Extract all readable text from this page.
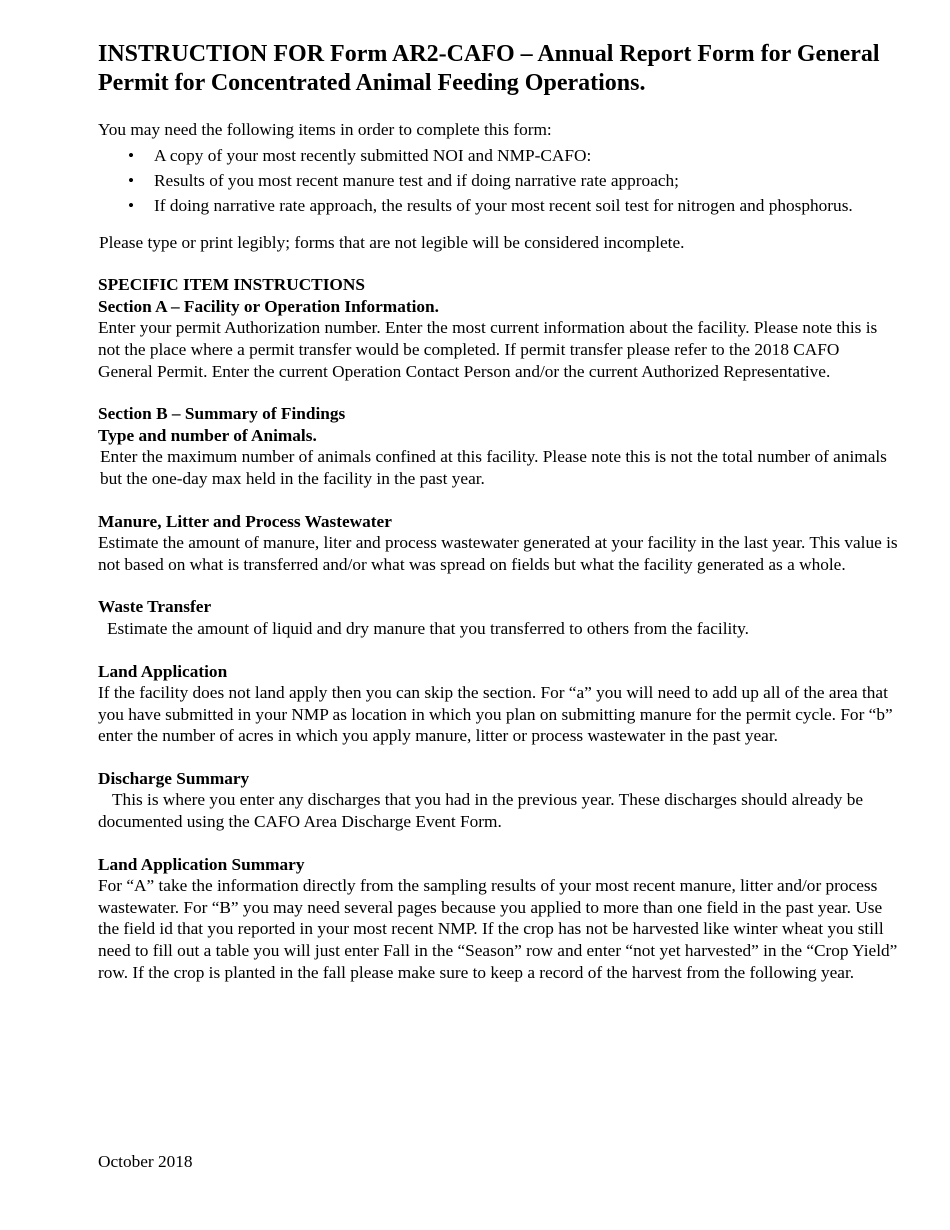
INSTRUCTION FOR Form AR2-CAFO – Annual Report Form for General Permit for Concentrated Animal Feeding Operations.

You may need the following items in order to complete this form:

• A copy of your most recently submitted NOI and NMP-CAFO:
• Results of you most recent manure test and if doing narrative rate approach;
• If doing narrative rate approach, the results of your most recent soil test for nitrogen and phosphorus.

Please type or print legibly; forms that are not legible will be considered incomplete.

SPECIFIC ITEM INSTRUCTIONS
Section A – Facility or Operation Information.

Enter your permit Authorization number. Enter the most current information about the facility. Please note this is not the place where a permit transfer would be completed. If permit transfer please refer to the 2018 CAFO General Permit. Enter the current Operation Contact Person and/or the current Authorized Representative.

Section B – Summary of Findings
Type and number of Animals.

Enter the maximum number of animals confined at this facility. Please note this is not the total number of animals but the one-day max held in the facility in the past year.

Manure, Litter and Process Wastewater

Estimate the amount of manure, liter and process wastewater generated at your facility in the last year. This value is not based on what is transferred and/or what was spread on fields but what the facility generated as a whole.

Waste Transfer

Estimate the amount of liquid and dry manure that you transferred to others from the facility.

Land Application

If the facility does not land apply then you can skip the section. For “a” you will need to add up all of the area that you have submitted in your NMP as location in which you plan on submitting manure for the permit cycle. For “b” enter the number of acres in which you apply manure, litter or process wastewater in the past year.

Discharge Summary

This is where you enter any discharges that you had in the previous year. These discharges should already be documented using the CAFO Area Discharge Event Form.

Land Application Summary

For “A” take the information directly from the sampling results of your most recent manure, litter and/or process wastewater. For “B” you may need several pages because you applied to more than one field in the past year. Use the field id that you reported in your most recent NMP. If the crop has not be harvested like winter wheat you still need to fill out a table you will just enter Fall in the “Season” row and enter “not yet harvested” in the “Crop Yield” row. If the crop is planted in the fall please make sure to keep a record of the harvest from the following year.

October 2018
